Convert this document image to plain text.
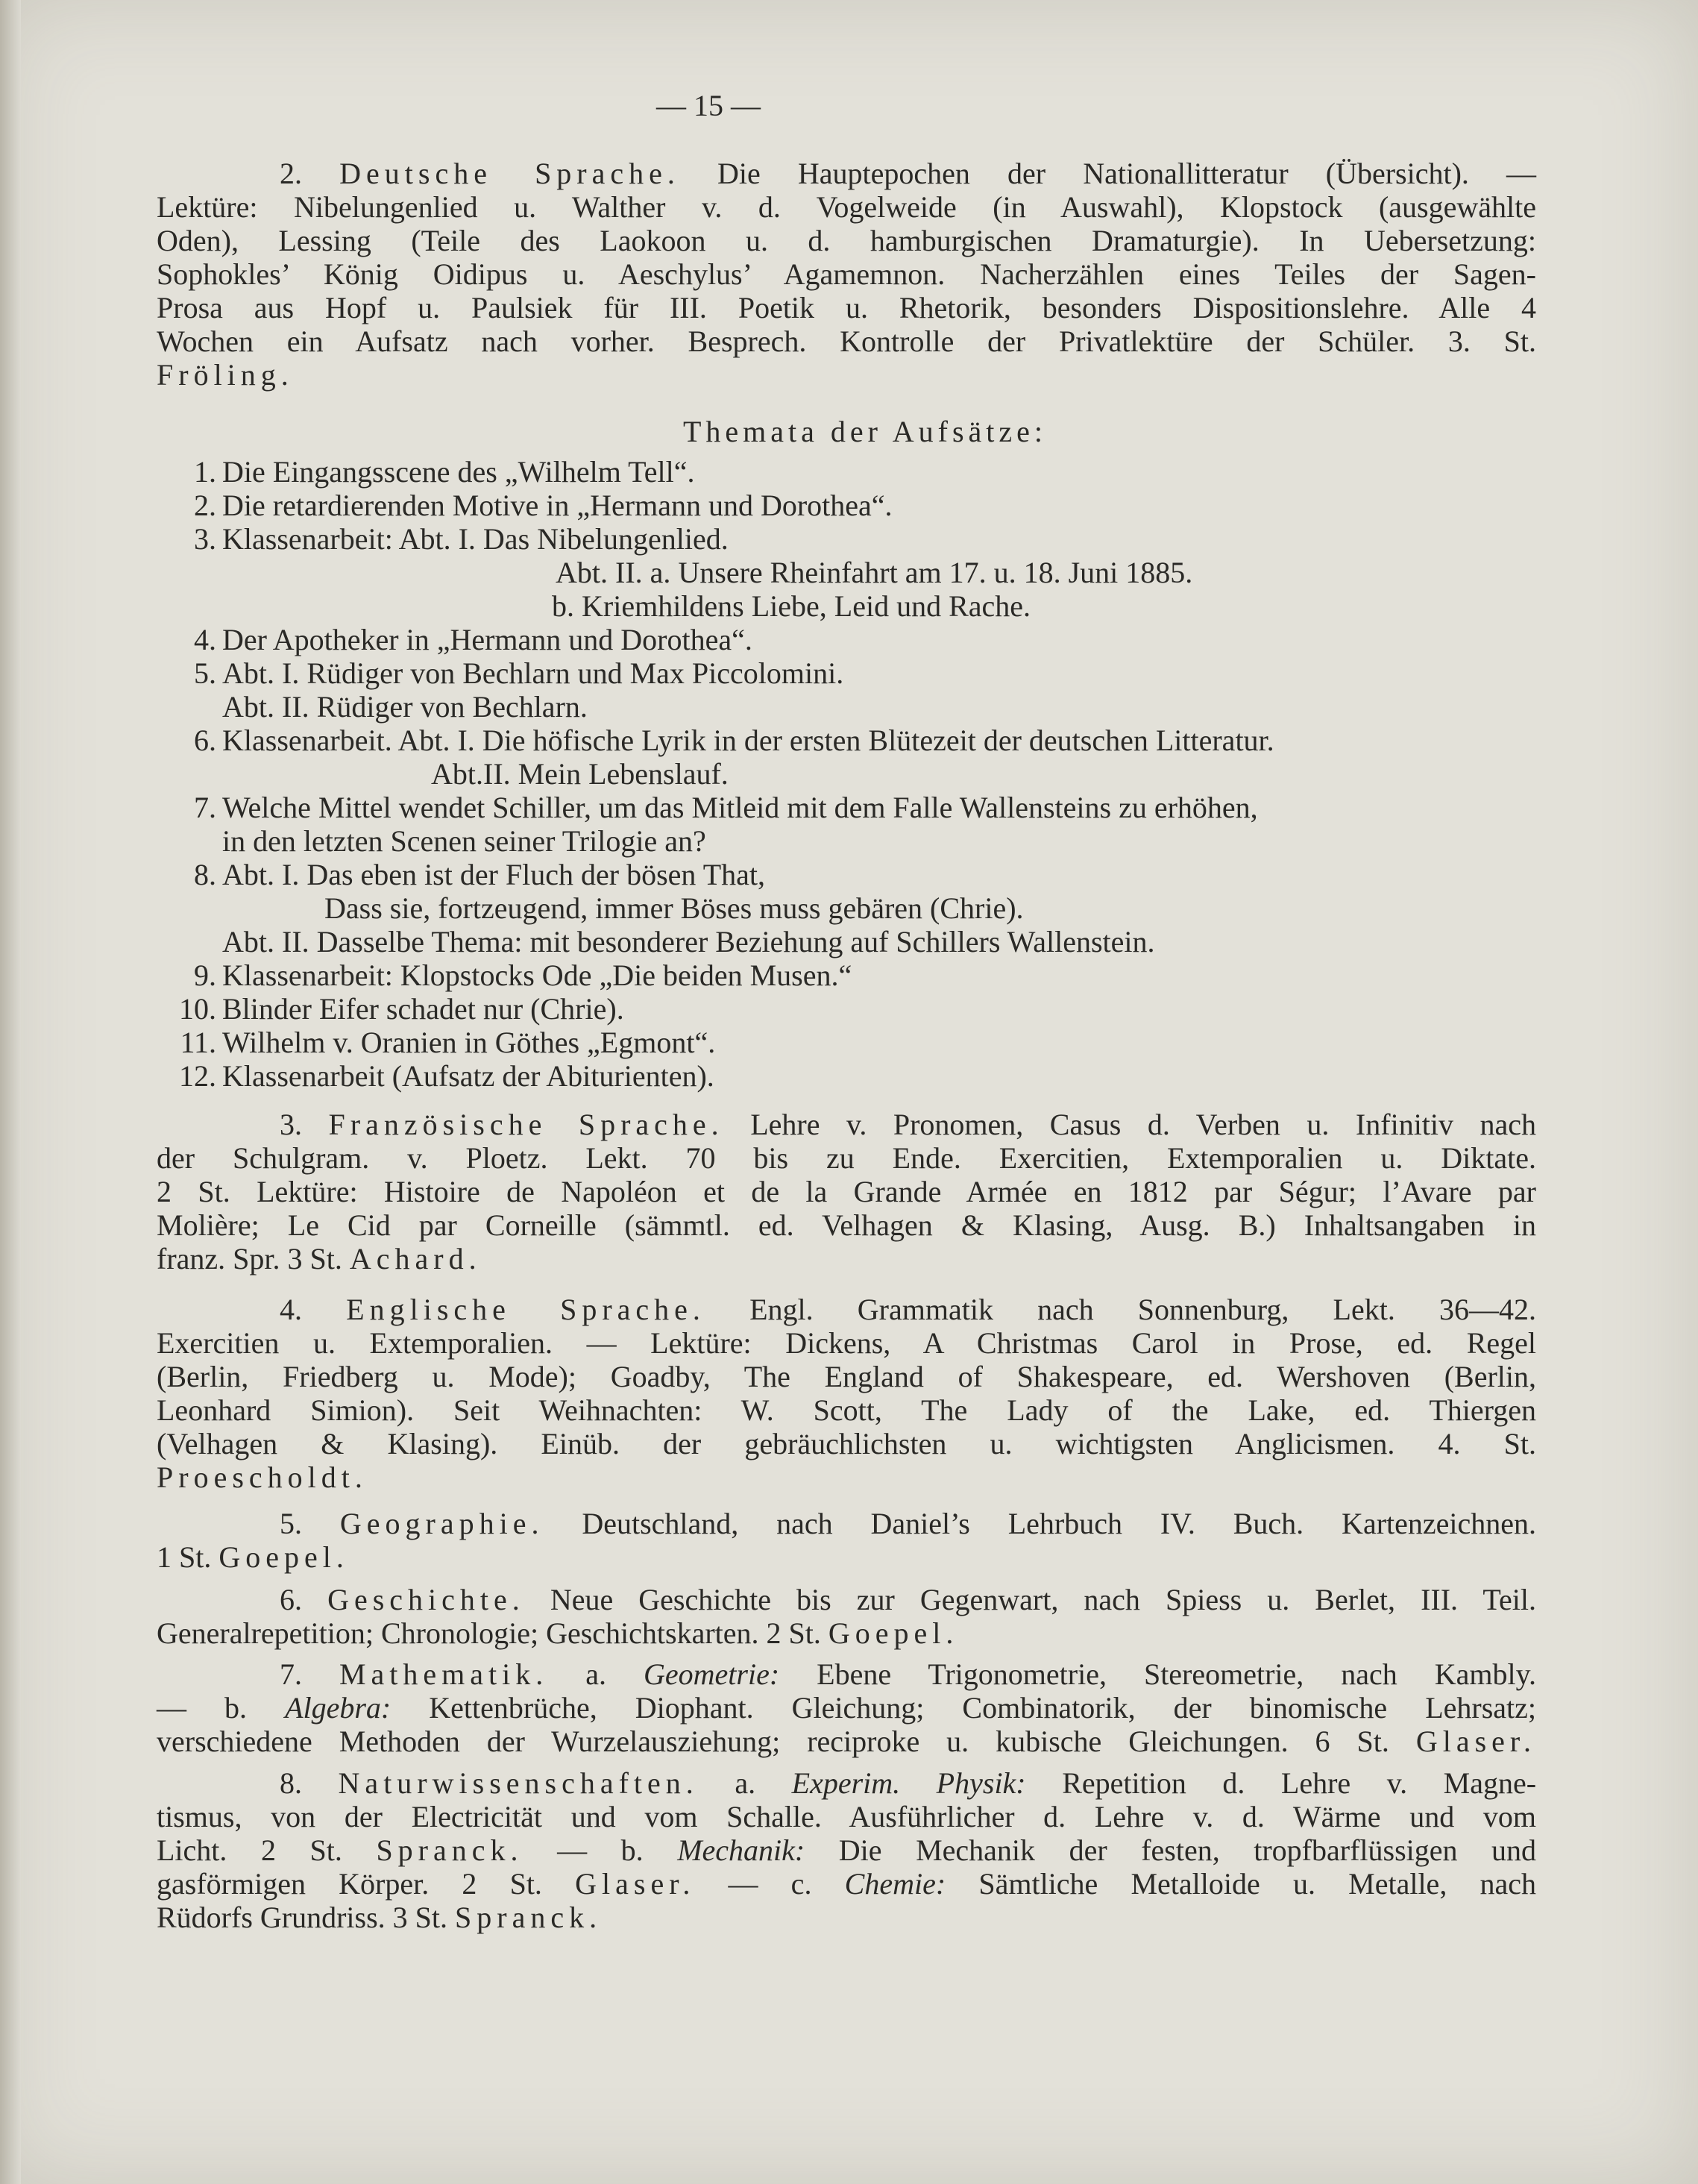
— 15 —
2. Deutsche Sprache. Die Hauptepochen der Nationallitteratur (Übersicht). —
Lektüre: Nibelungenlied u. Walther v. d. Vogelweide (in Auswahl), Klopstock (ausgewählte
Oden), Lessing (Teile des Laokoon u. d. hamburgischen Dramaturgie). In Uebersetzung:
Sophokles’ König Oidipus u. Aeschylus’ Agamemnon. Nacherzählen eines Teiles der Sagen-
Prosa aus Hopf u. Paulsiek für III. Poetik u. Rhetorik, besonders Dispositionslehre. Alle 4
Wochen ein Aufsatz nach vorher. Besprech. Kontrolle der Privatlektüre der Schüler. 3. St.
Fröling.
Themata der Aufsätze:
1. Die Eingangsscene des „Wilhelm Tell“.
2. Die retardierenden Motive in „Hermann und Dorothea“.
3. Klassenarbeit: Abt. I. Das Nibelungenlied.
Abt. II. a. Unsere Rheinfahrt am 17. u. 18. Juni 1885.
b. Kriemhildens Liebe, Leid und Rache.
4. Der Apotheker in „Hermann und Dorothea“.
5. Abt. I. Rüdiger von Bechlarn und Max Piccolomini.
Abt. II. Rüdiger von Bechlarn.
6. Klassenarbeit. Abt. I. Die höfische Lyrik in der ersten Blütezeit der deutschen Litteratur.
Abt.II. Mein Lebenslauf.
7. Welche Mittel wendet Schiller, um das Mitleid mit dem Falle Wallensteins zu erhöhen,
in den letzten Scenen seiner Trilogie an?
8. Abt. I. Das eben ist der Fluch der bösen That,
Dass sie, fortzeugend, immer Böses muss gebären (Chrie).
Abt. II. Dasselbe Thema: mit besonderer Beziehung auf Schillers Wallenstein.
9. Klassenarbeit: Klopstocks Ode „Die beiden Musen.“
10. Blinder Eifer schadet nur (Chrie).
11. Wilhelm v. Oranien in Göthes „Egmont“.
12. Klassenarbeit (Aufsatz der Abiturienten).
3. Französische Sprache. Lehre v. Pronomen, Casus d. Verben u. Infinitiv nach
der Schulgram. v. Ploetz. Lekt. 70 bis zu Ende. Exercitien, Extemporalien u. Diktate.
2 St. Lektüre: Histoire de Napoléon et de la Grande Armée en 1812 par Ségur; l’Avare par
Molière; Le Cid par Corneille (sämmtl. ed. Velhagen & Klasing, Ausg. B.) Inhaltsangaben in
franz. Spr. 3 St. Achard.
4. Englische Sprache. Engl. Grammatik nach Sonnenburg, Lekt. 36—42.
Exercitien u. Extemporalien. — Lektüre: Dickens, A Christmas Carol in Prose, ed. Regel
(Berlin, Friedberg u. Mode); Goadby, The England of Shakespeare, ed. Wershoven (Berlin,
Leonhard Simion). Seit Weihnachten: W. Scott, The Lady of the Lake, ed. Thiergen
(Velhagen & Klasing). Einüb. der gebräuchlichsten u. wichtigsten Anglicismen. 4. St.
Proescholdt.
5. Geographie. Deutschland, nach Daniel’s Lehrbuch IV. Buch. Kartenzeichnen.
1 St. Goepel.
6. Geschichte. Neue Geschichte bis zur Gegenwart, nach Spiess u. Berlet, III. Teil.
Generalrepetition; Chronologie; Geschichtskarten. 2 St. Goepel.
7. Mathematik. a. Geometrie: Ebene Trigonometrie, Stereometrie, nach Kambly.
— b. Algebra: Kettenbrüche, Diophant. Gleichung; Combinatorik, der binomische Lehrsatz;
verschiedene Methoden der Wurzelausziehung; reciproke u. kubische Gleichungen. 6 St. Glaser.
8. Naturwissenschaften. a. Experim. Physik: Repetition d. Lehre v. Magne-
tismus, von der Electricität und vom Schalle. Ausführlicher d. Lehre v. d. Wärme und vom
Licht. 2 St. Spranck. — b. Mechanik: Die Mechanik der festen, tropfbarflüssigen und
gasförmigen Körper. 2 St. Glaser. — c. Chemie: Sämtliche Metalloide u. Metalle, nach
Rüdorfs Grundriss. 3 St. Spranck.
